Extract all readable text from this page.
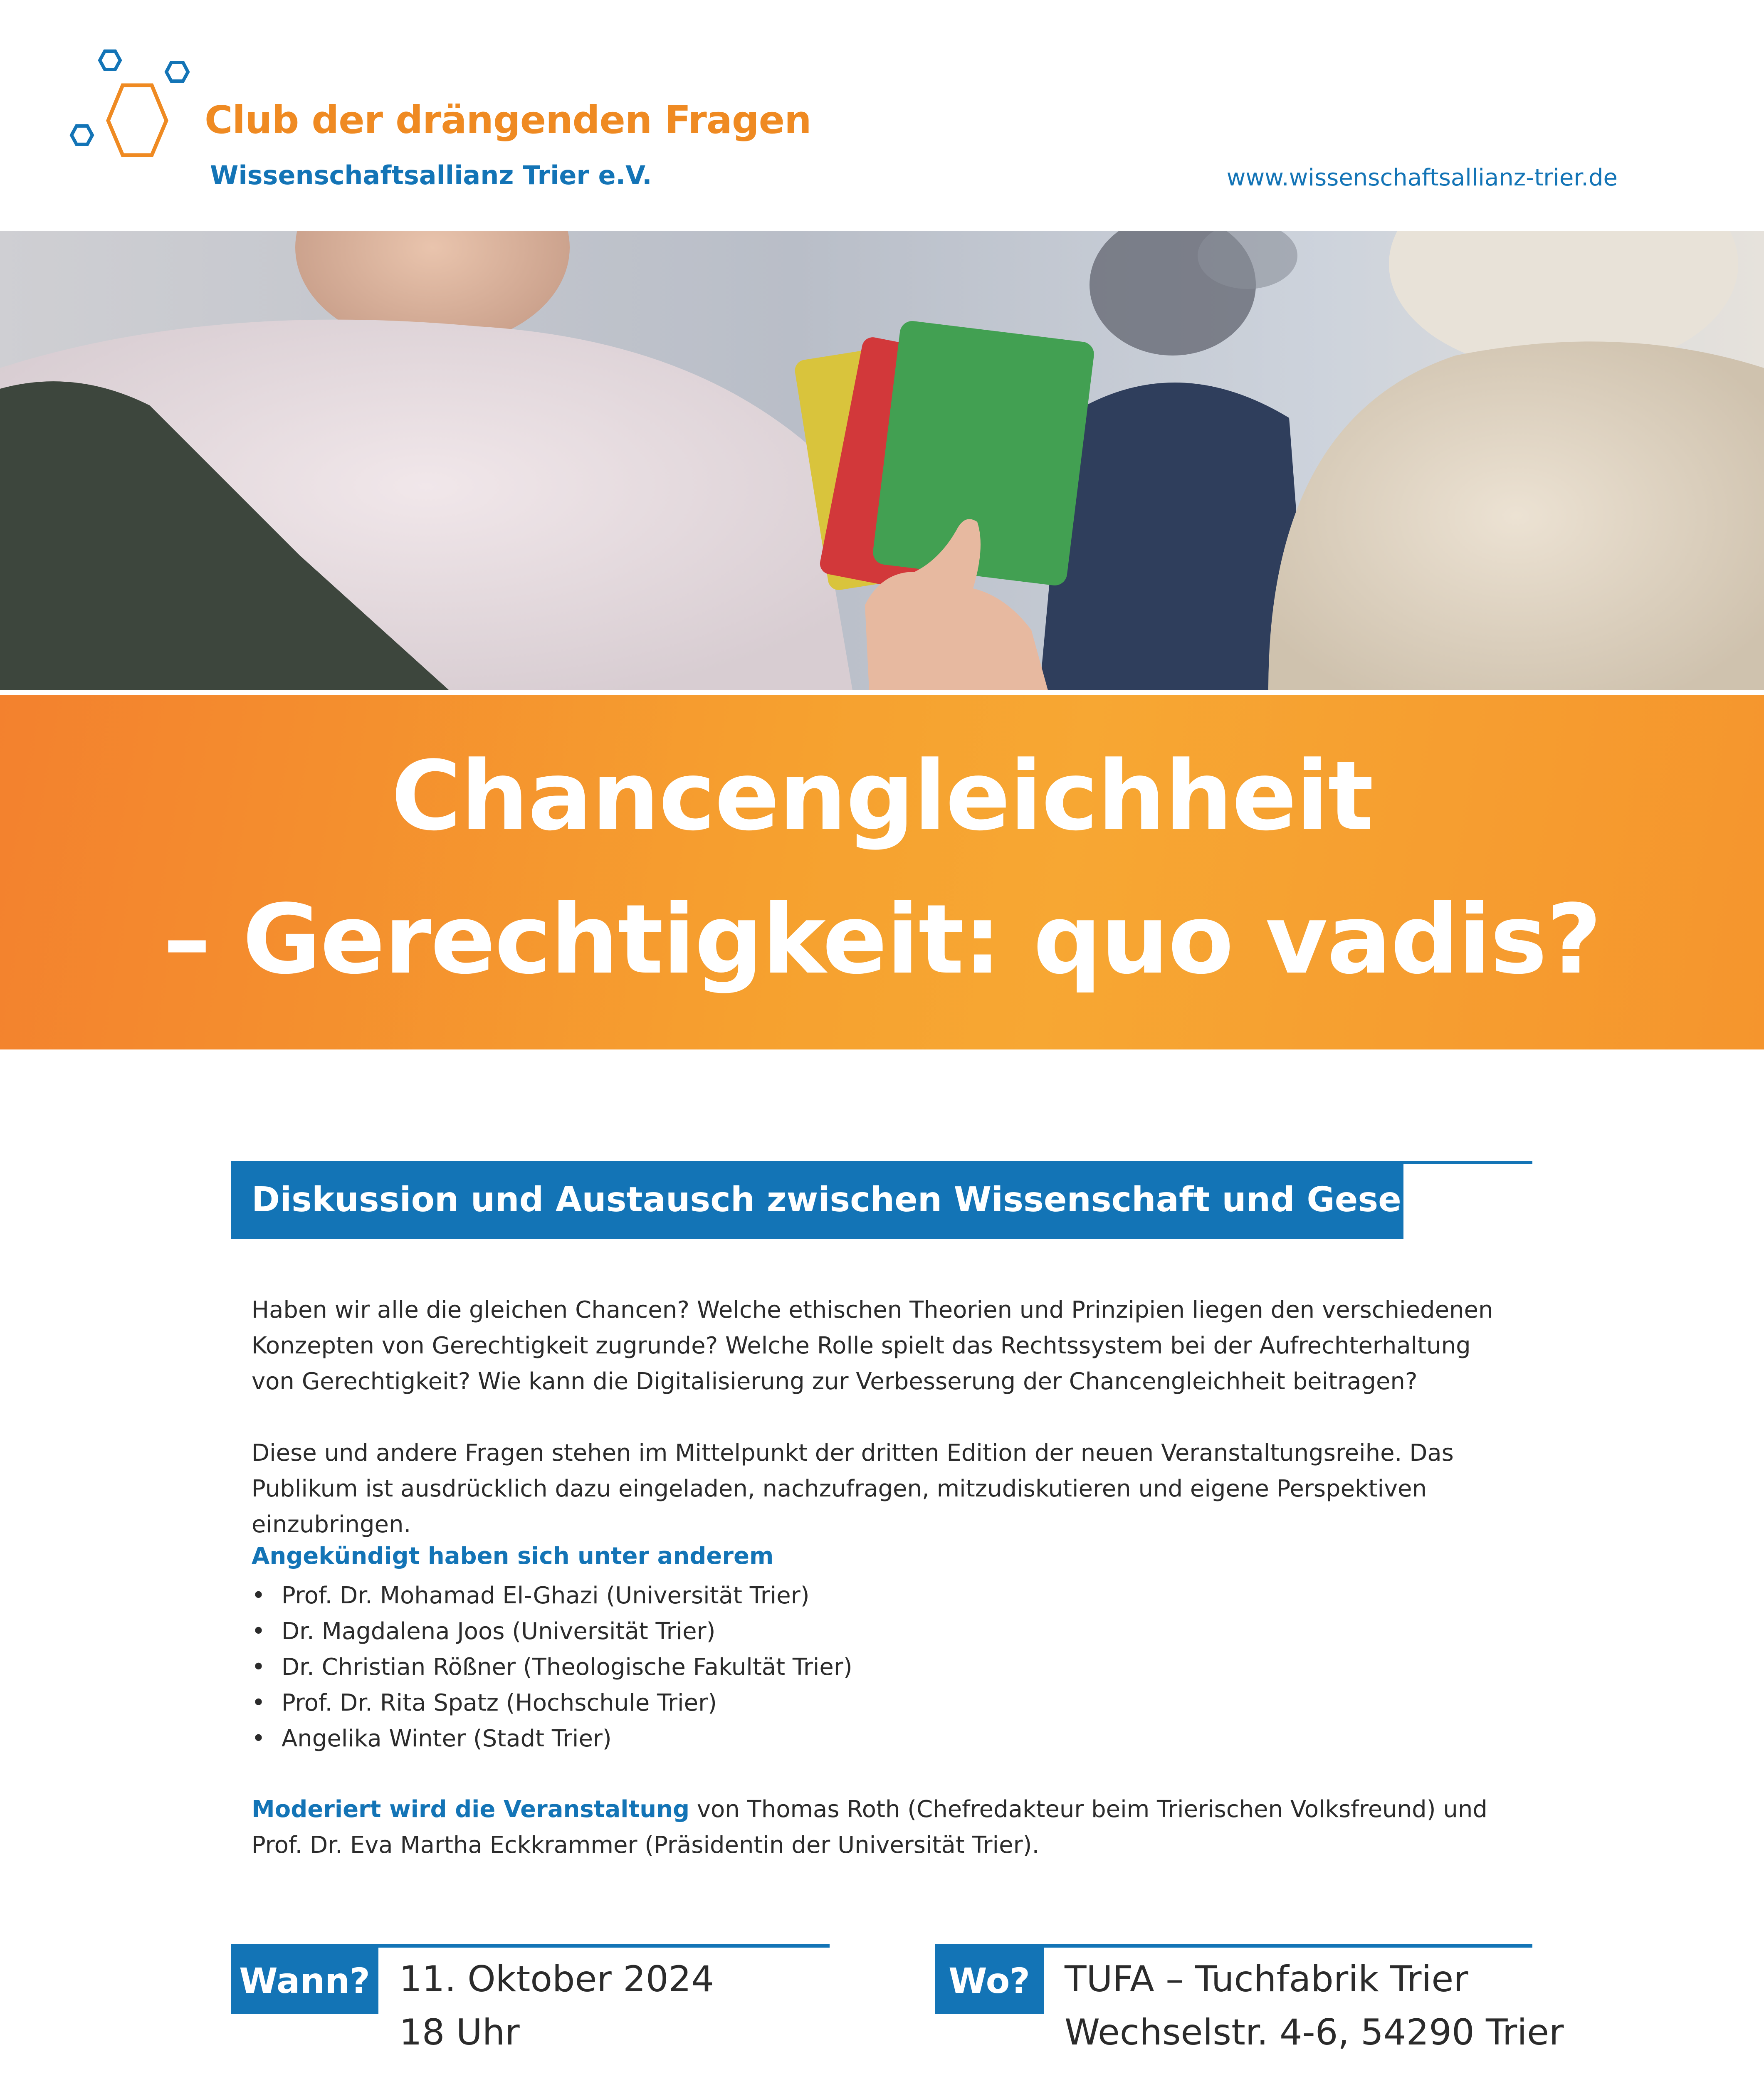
Club der drängenden Fragen
Wissenschaftsallianz Trier e.V.	www.wissenschaftsallianz-trier.de
Chancengleichheit
– Gerechtigkeit: quo vadis?
Diskussion und Austausch zwischen Wissenschaft und Gesellschaft
Haben wir alle die gleichen Chancen? Welche ethischen Theorien und Prinzipien liegen den verschiedenen Konzepten von Gerechtigkeit zugrunde? Welche Rolle spielt das Rechtssystem bei der Aufrechterhaltung von Gerechtigkeit? Wie kann die Digitalisierung zur Verbesserung der Chancengleichheit beitragen?
Diese und andere Fragen stehen im Mittelpunkt der dritten Edition der neuen Veranstaltungsreihe. Das Publikum ist ausdrücklich dazu eingeladen, nachzufragen, mitzudiskutieren und eigene Perspektiven einzubringen.
Angekündigt haben sich unter anderem
• Prof. Dr. Mohamad El-Ghazi (Universität Trier)
• Dr. Magdalena Joos (Universität Trier)
• Dr. Christian Rößner (Theologische Fakultät Trier)
• Prof. Dr. Rita Spatz (Hochschule Trier)
• Angelika Winter (Stadt Trier)
Moderiert wird die Veranstaltung von Thomas Roth (Chefredakteur beim Trierischen Volksfreund) und
Prof. Dr. Eva Martha Eckkrammer (Präsidentin der Universität Trier).
Wann? 11. Oktober 2024
18 Uhr
Wo? TUFA – Tuchfabrik Trier
Wechselstr. 4-6, 54290 Trier
